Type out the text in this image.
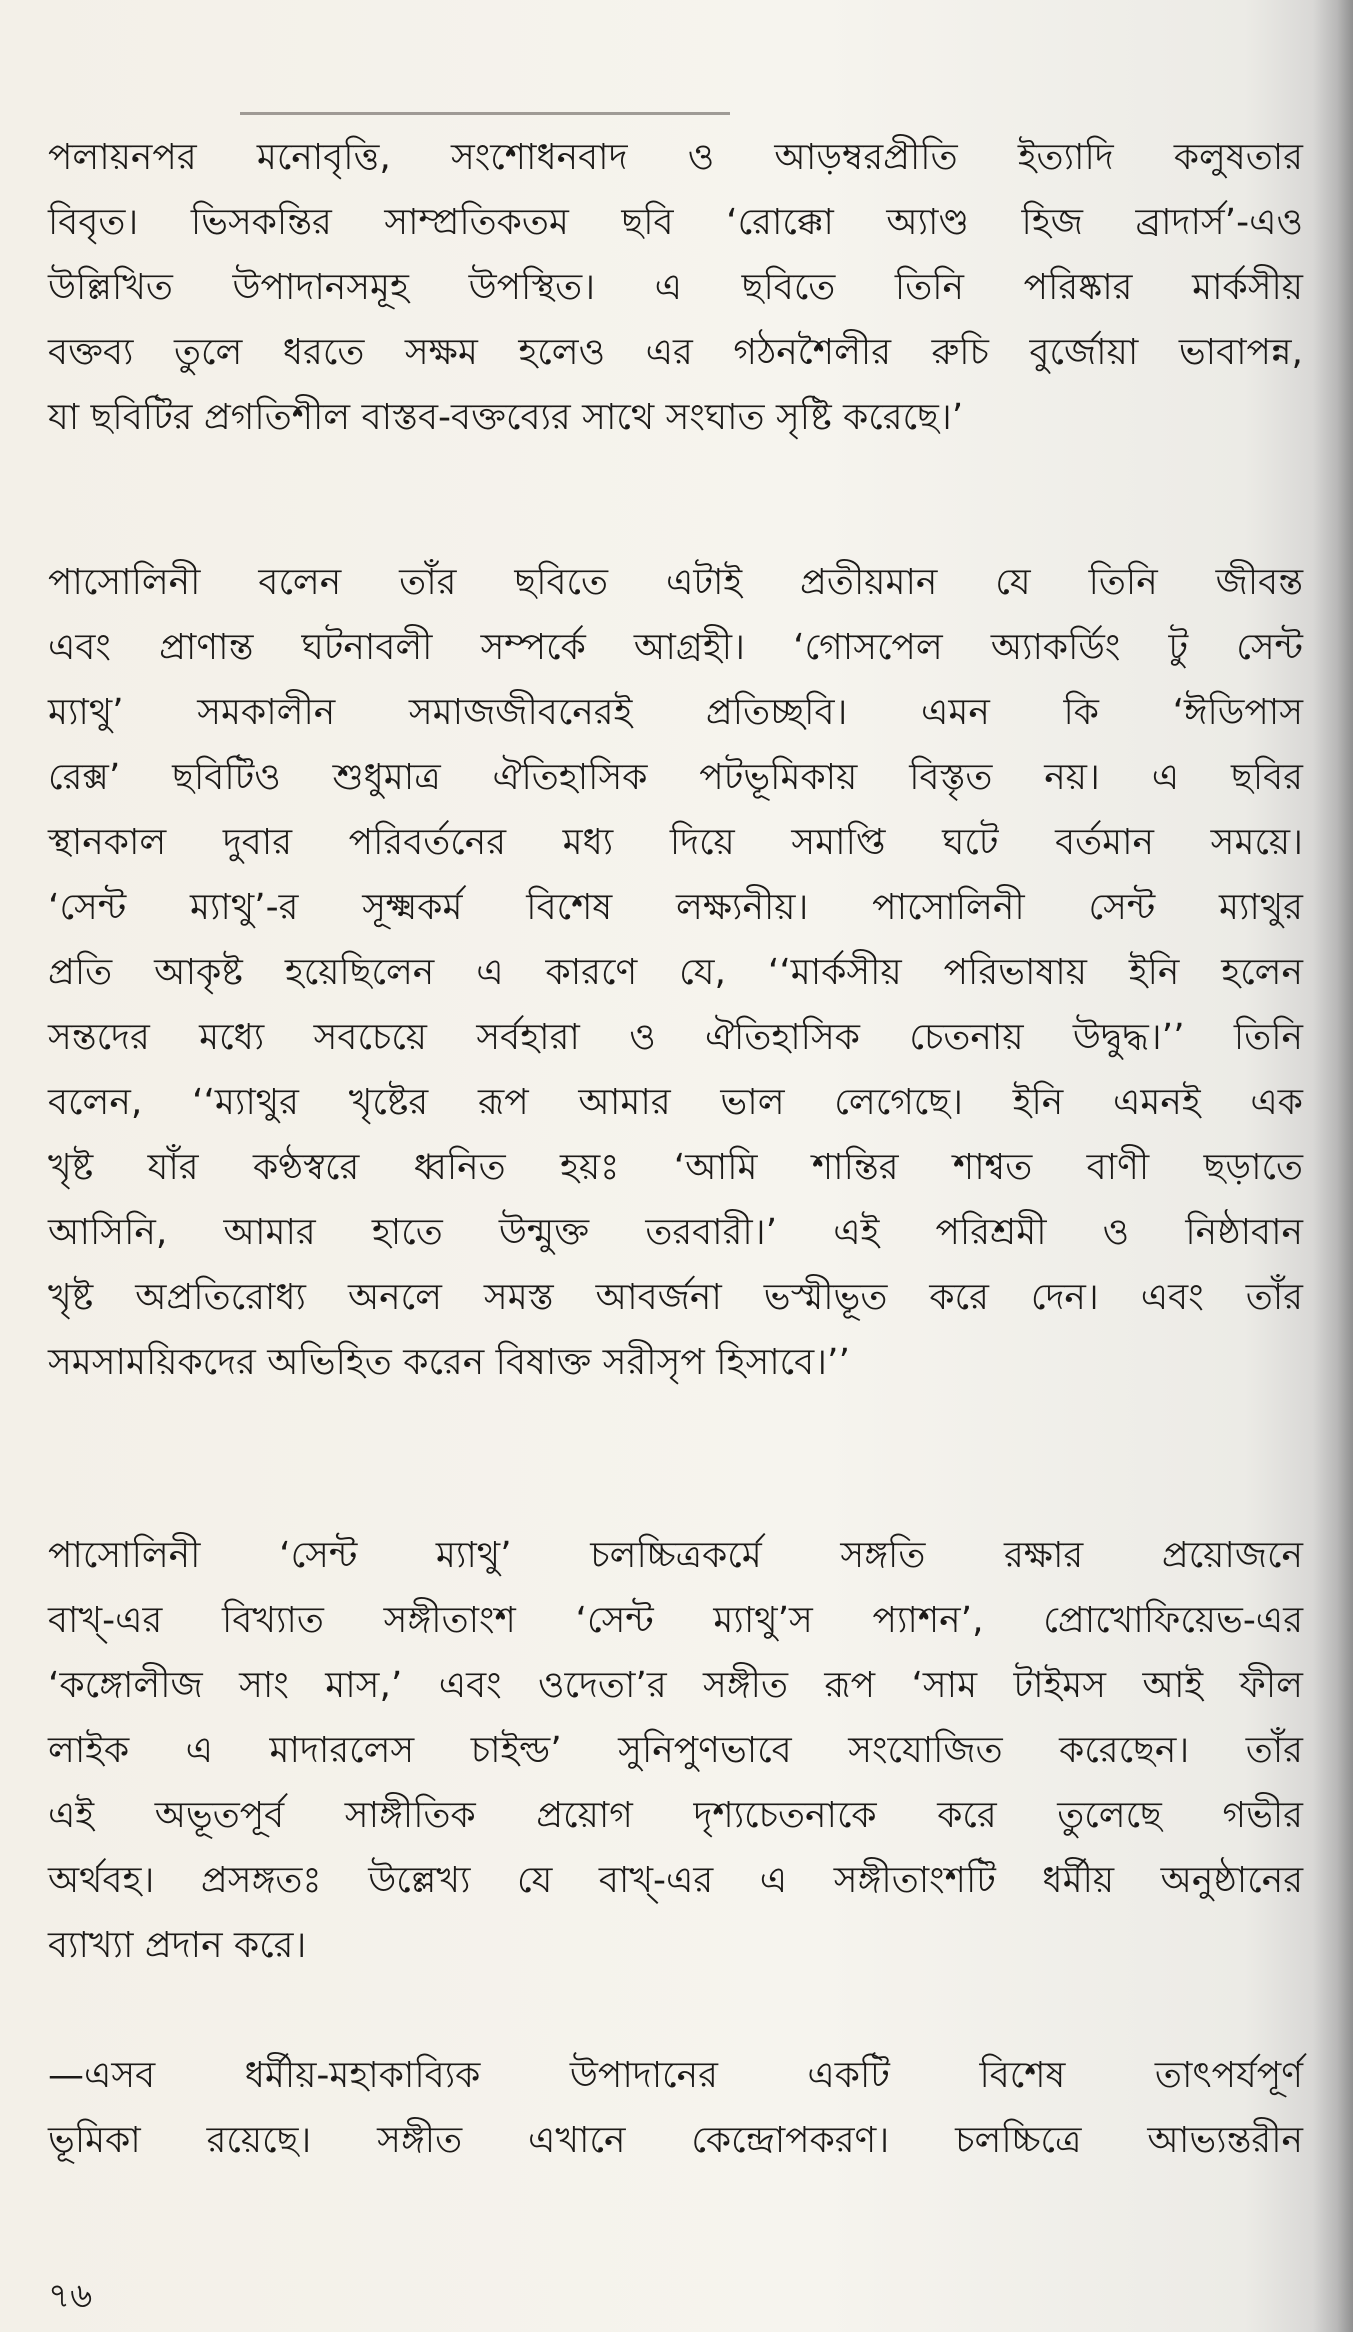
পলায়নপর মনোবৃত্তি, সংশোধনবাদ ও আড়ম্বরপ্রীতি ইত্যাদি কলুষতার
বিবৃত। ভিসকন্তির সাম্প্রতিকতম ছবি ‘রোক্কো অ্যাণ্ড হিজ ব্রাদার্স’-এও
উল্লিখিত উপাদানসমূহ উপস্থিত। এ ছবিতে তিনি পরিষ্কার মার্কসীয়
বক্তব্য তুলে ধরতে সক্ষম হলেও এর গঠনশৈলীর রুচি বুর্জোয়া ভাবাপন্ন,
যা ছবিটির প্রগতিশীল বাস্তব-বক্তব্যের সাথে সংঘাত সৃষ্টি করেছে।’
পাসোলিনী বলেন তাঁর ছবিতে এটাই প্রতীয়মান যে তিনি জীবন্ত
এবং প্রাণান্ত ঘটনাবলী সম্পর্কে আগ্রহী। ‘গোসপেল অ্যাকর্ডিং টু সেন্ট
ম্যাথু’ সমকালীন সমাজজীবনেরই প্রতিচ্ছবি। এমন কি ‘ঈডিপাস
রেক্স’ ছবিটিও শুধুমাত্র ঐতিহাসিক পটভূমিকায় বিস্তৃত নয়। এ ছবির
স্থানকাল দুবার পরিবর্তনের মধ্য দিয়ে সমাপ্তি ঘটে বর্তমান সময়ে।
‘সেন্ট ম্যাথু’-র সূক্ষ্মকর্ম বিশেষ লক্ষ্যনীয়। পাসোলিনী সেন্ট ম্যাথুর
প্রতি আকৃষ্ট হয়েছিলেন এ কারণে যে, ‘‘মার্কসীয় পরিভাষায় ইনি হলেন
সন্তদের মধ্যে সবচেয়ে সর্বহারা ও ঐতিহাসিক চেতনায় উদ্বুদ্ধ।’’ তিনি
বলেন, ‘‘ম্যাথুর খৃষ্টের রূপ আমার ভাল লেগেছে। ইনি এমনই এক
খৃষ্ট যাঁর কণ্ঠস্বরে ধ্বনিত হয়ঃ ‘আমি শান্তির শাশ্বত বাণী ছড়াতে
আসিনি, আমার হাতে উন্মুক্ত তরবারী।’ এই পরিশ্রমী ও নিষ্ঠাবান
খৃষ্ট অপ্রতিরোধ্য অনলে সমস্ত আবর্জনা ভস্মীভূত করে দেন। এবং তাঁর
সমসাময়িকদের অভিহিত করেন বিষাক্ত সরীসৃপ হিসাবে।’’
পাসোলিনী ‘সেন্ট ম্যাথু’ চলচ্চিত্রকর্মে সঙ্গতি রক্ষার প্রয়োজনে
বাখ্-এর বিখ্যাত সঙ্গীতাংশ ‘সেন্ট ম্যাথু’স প্যাশন’, প্রোখোফিয়েভ-এর
‘কঙ্গোলীজ সাং মাস,’ এবং ওদেতা’র সঙ্গীত রূপ ‘সাম টাইমস আই ফীল
লাইক এ মাদারলেস চাইল্ড’ সুনিপুণভাবে সংযোজিত করেছেন। তাঁর
এই অভূতপূর্ব সাঙ্গীতিক প্রয়োগ দৃশ্যচেতনাকে করে তুলেছে গভীর
অর্থবহ। প্রসঙ্গতঃ উল্লেখ্য যে বাখ্-এর এ সঙ্গীতাংশটি ধর্মীয় অনুষ্ঠানের
ব্যাখ্যা প্রদান করে।
—এসব ধর্মীয়-মহাকাব্যিক উপাদানের একটি বিশেষ তাৎপর্যপূর্ণ
ভূমিকা রয়েছে। সঙ্গীত এখানে কেন্দ্রোপকরণ। চলচ্চিত্রে আভ্যন্তরীন
৭৬
